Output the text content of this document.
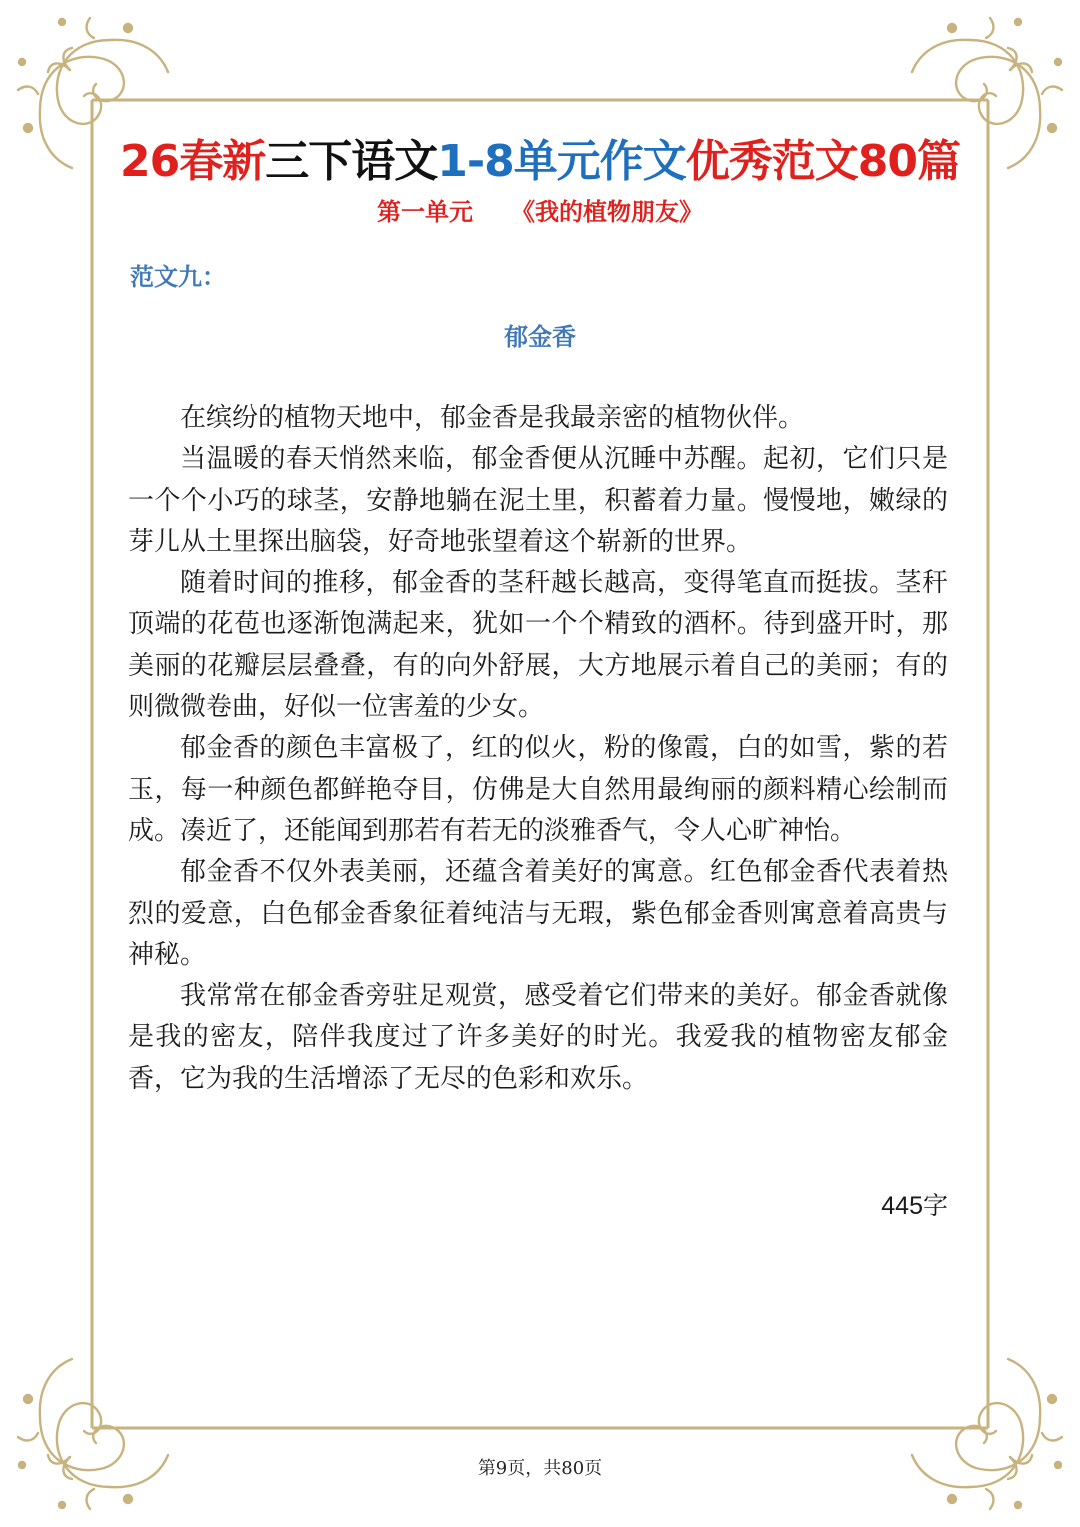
26春新三下语文1-8单元作文优秀范文80篇
第一单元 《我的植物朋友》
范文九：
郁金香

在缤纷的植物天地中，郁金香是我最亲密的植物伙伴。

当温暖的春天悄然来临，郁金香便从沉睡中苏醒。起初，它们只是一个个小巧的球茎，安静地躺在泥土里，积蓄着力量。慢慢地，嫩绿的芽儿从土里探出脑袋，好奇地张望着这个崭新的世界。

随着时间的推移，郁金香的茎秆越长越高，变得笔直而挺拔。茎秆顶端的花苞也逐渐饱满起来，犹如一个个精致的酒杯。待到盛开时，那美丽的花瓣层层叠叠，有的向外舒展，大方地展示着自己的美丽；有的则微微卷曲，好似一位害羞的少女。

郁金香的颜色丰富极了，红的似火，粉的像霞，白的如雪，紫的若玉，每一种颜色都鲜艳夺目，仿佛是大自然用最绚丽的颜料精心绘制而成。凑近了，还能闻到那若有若无的淡雅香气，令人心旷神怡。

郁金香不仅外表美丽，还蕴含着美好的寓意。红色郁金香代表着热烈的爱意，白色郁金香象征着纯洁与无瑕，紫色郁金香则寓意着高贵与神秘。

我常常在郁金香旁驻足观赏，感受着它们带来的美好。郁金香就像是我的密友，陪伴我度过了许多美好的时光。我爱我的植物密友郁金香，它为我的生活增添了无尽的色彩和欢乐。

445字
第9页，共80页
